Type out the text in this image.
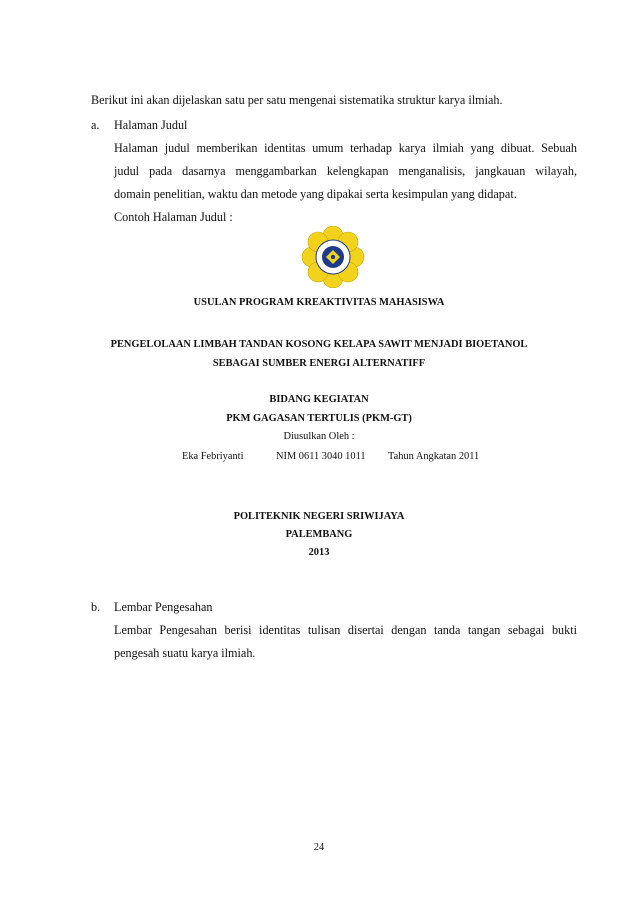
Berikut ini akan dijelaskan satu per satu mengenai sistematika struktur karya ilmiah.
a. Halaman Judul
Halaman judul memberikan identitas umum terhadap karya ilmiah yang dibuat. Sebuah
judul pada dasarnya menggambarkan kelengkapan menganalisis, jangkauan wilayah,
domain penelitian, waktu dan metode yang dipakai serta kesimpulan yang didapat.
Contoh Halaman Judul :
USULAN PROGRAM KREAKTIVITAS MAHASISWA
PENGELOLAAN LIMBAH TANDAN KOSONG KELAPA SAWIT MENJADI BIOETANOL
SEBAGAI SUMBER ENERGI ALTERNATIFF
BIDANG KEGIATAN
PKM GAGASAN TERTULIS (PKM-GT)
Diusulkan Oleh :
Eka Febriyanti	NIM 0611 3040 1011 Tahun Angkatan 2011
POLITEKNIK NEGERI SRIWIJAYA
PALEMBANG
2013
b. Lembar Pengesahan
Lembar Pengesahan berisi identitas tulisan disertai dengan tanda tangan sebagai bukti
pengesah suatu karya ilmiah.
24
